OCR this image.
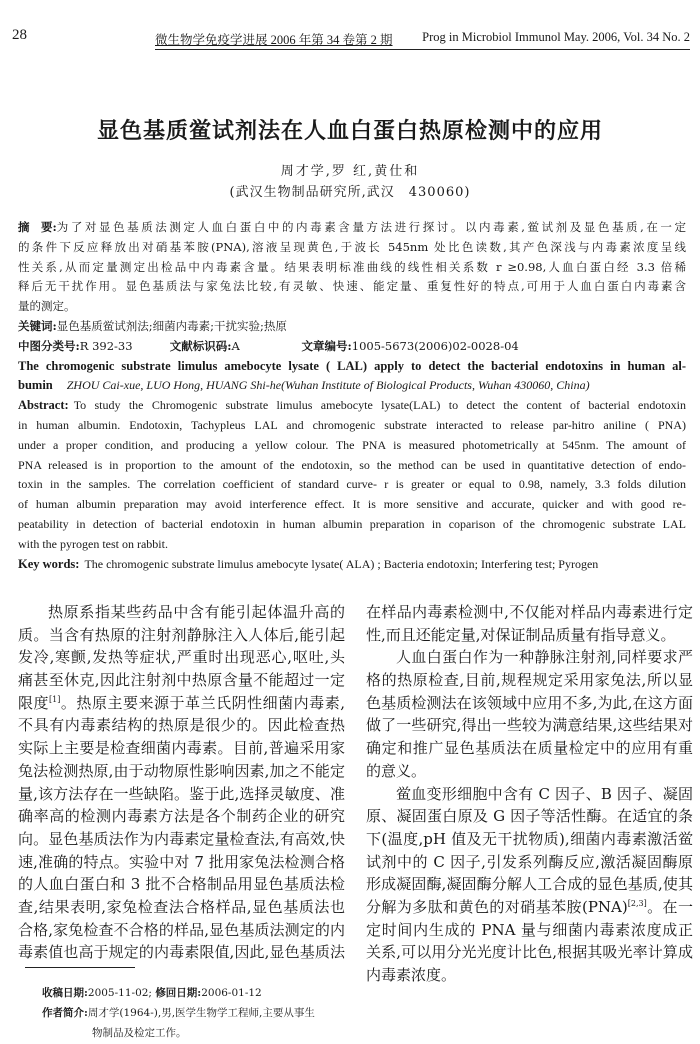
28	微生物学免疫学进展 2006 年第 34 卷第 2 期 Prog in Microbiol Immunol May. 2006, Vol. 34 No. 2
显色基质鲎试剂法在人血白蛋白热原检测中的应用
周才学,罗 红,黄仕和
(武汉生物制品研究所,武汉　430060)
摘　要: 为了对显色基质法测定人血白蛋白中的内毒素含量方法进行探讨。以内毒素,鲎试剂及显色基质,在一定
的条件下反应释放出对硝基苯胺(PNA),溶液呈现黄色,于波长 545nm 处比色读数,其产色深浅与内毒素浓度呈线
性关系,从而定量测定出检品中内毒素含量。结果表明标准曲线的线性相关系数 r ≥0.98,人血白蛋白经 3.3 倍稀
释后无干扰作用。显色基质法与家兔法比较,有灵敏、快速、能定量、重复性好的特点,可用于人血白蛋白内毒素含
量的测定。
关键词: 显色基质鲎试剂法;细菌内毒素;干扰实验;热原
中图分类号: R 392-33	文献标识码: A	文章编号: 1005-5673(2006)02-0028-04
The chromogenic substrate limulus amebocyte lysate ( LAL) apply to detect the bacterial endotoxins in human al-
bumin ZHOU Cai-xue, LUO Hong, HUANG Shi-he (Wuhan Institute of Biological Products, Wuhan 430060, China)
Abstract: To study the Chromogenic substrate limulus amebocyte lysate(LAL) to detect the content of bacterial endotoxin
in human albumin. Endotoxin, Tachypleus LAL and chromogenic substrate interacted to release par-hitro aniline ( PNA)
under a proper condition, and producing a yellow colour. The PNA is measured photometrically at 545nm. The amount of
PNA released is in proportion to the amount of the endotoxin, so the method can be used in quantitative detection of endo-
toxin in the samples. The correlation coefficient of standard curve- r is greater or equal to 0.98, namely, 3.3 folds dilution
of human albumin preparation may avoid interference effect. It is more sensitive and accurate, quicker and with good re-
peatability in detection of bacterial endotoxin in human albumin preparation in coparison of the chromogenic substrate LAL
with the pyrogen test on rabbit.
Key words: The chromogenic substrate limulus amebocyte lysate( ALA) ; Bacteria endotoxin; Interfering test; Pyrogen
热原系指某些药品中含有能引起体温升高的
质。当含有热原的注射剂静脉注入人体后,能引起
发冷,寒颤,发热等症状,严重时出现恶心,呕吐,头
痛甚至休克,因此注射剂中热原含量不能超过一定
限度[1]。热原主要来源于革兰氏阴性细菌内毒素,
不具有内毒素结构的热原是很少的。因此检查热
实际上主要是检查细菌内毒素。目前,普遍采用家
兔法检测热原,由于动物原性影响因素,加之不能定
量,该方法存在一些缺陷。鉴于此,选择灵敏度、准
确率高的检测内毒素方法是各个制药企业的研究
向。显色基质法作为内毒素定量检查法,有高效,快
速,准确的特点。实验中对 7 批用家兔法检测合格
的人血白蛋白和 3 批不合格制品用显色基质法检
查,结果表明,家兔检查法合格样品,显色基质法也
合格,家兔检查不合格的样品,显色基质法测定的内
毒素值也高于规定的内毒素限值,因此,显色基质法
在样品内毒素检测中,不仅能对样品内毒素进行定
性,而且还能定量,对保证制品质量有指导意义。
人血白蛋白作为一种静脉注射剂,同样要求严
格的热原检查,目前,规程规定采用家兔法,所以显
色基质检测法在该领域中应用不多,为此,在这方面
做了一些研究,得出一些较为满意结果,这些结果对
确定和推广显色基质法在质量检定中的应用有重
的意义。
鲎血变形细胞中含有 C 因子、B 因子、凝固
原、凝固蛋白原及 G 因子等活性酶。在适宜的条
下(温度,pH 值及无干扰物质),细菌内毒素激活鲎
试剂中的 C 因子,引发系列酶反应,激活凝固酶原
形成凝固酶,凝固酶分解人工合成的显色基质,使其
分解为多肽和黄色的对硝基苯胺(PNA)[2,3]。在一
定时间内生成的 PNA 量与细菌内毒素浓度成正
关系,可以用分光光度计比色,根据其吸光率计算成
内毒素浓度。
收稿日期:2005-11-02; 修回日期:2006-01-12
作者简介:周才学(1964-),男,医学生物学工程师,主要从事生
物制品及检定工作。
